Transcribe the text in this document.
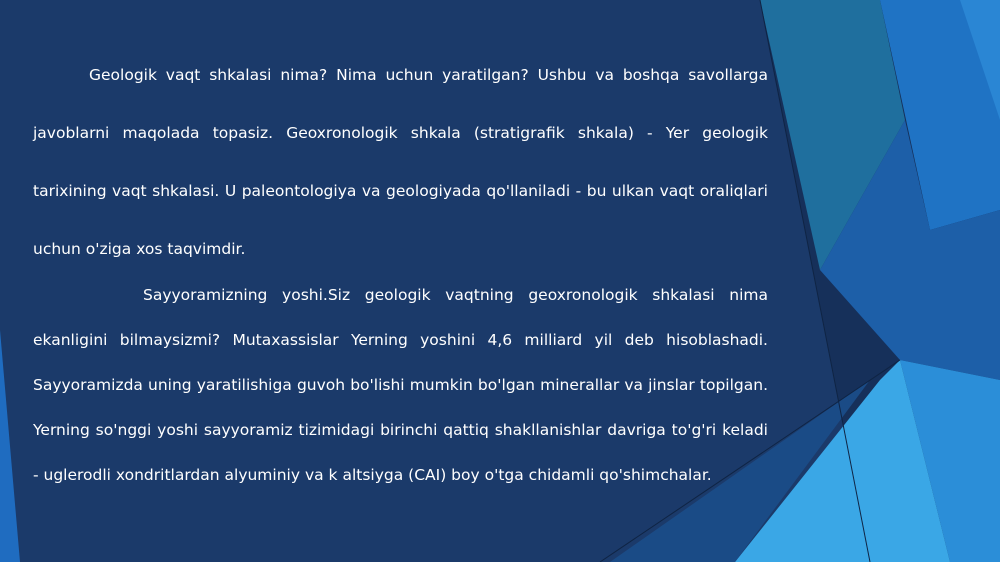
Geologik vaqt shkalasi nima? Nima uchun yaratilgan? Ushbu va boshqa savollarga javoblarni maqolada topasiz. Geoxronologik shkala (stratigrafik shkala) - Yer geologik tarixining vaqt shkalasi. U paleontologiya va geologiyada qo'llaniladi - bu ulkan vaqt oraliqlari uchun o'ziga xos taqvimdir.

Sayyoramizning yoshi.Siz geologik vaqtning geoxronologik shkalasi nima ekanligini bilmaysizmi? Mutaxassislar Yerning yoshini 4,6 milliard yil deb hisoblashadi. Sayyoramizda uning yaratilishiga guvoh bo'lishi mumkin bo'lgan minerallar va jinslar topilgan. Yerning so'nggi yoshi sayyoramiz tizimidagi birinchi qattiq shakllanishlar davriga to'g'ri keladi - uglerodli xondritlardan alyuminiy va k altsiyga (CAI) boy o'tga chidamli qo'shimchalar.
